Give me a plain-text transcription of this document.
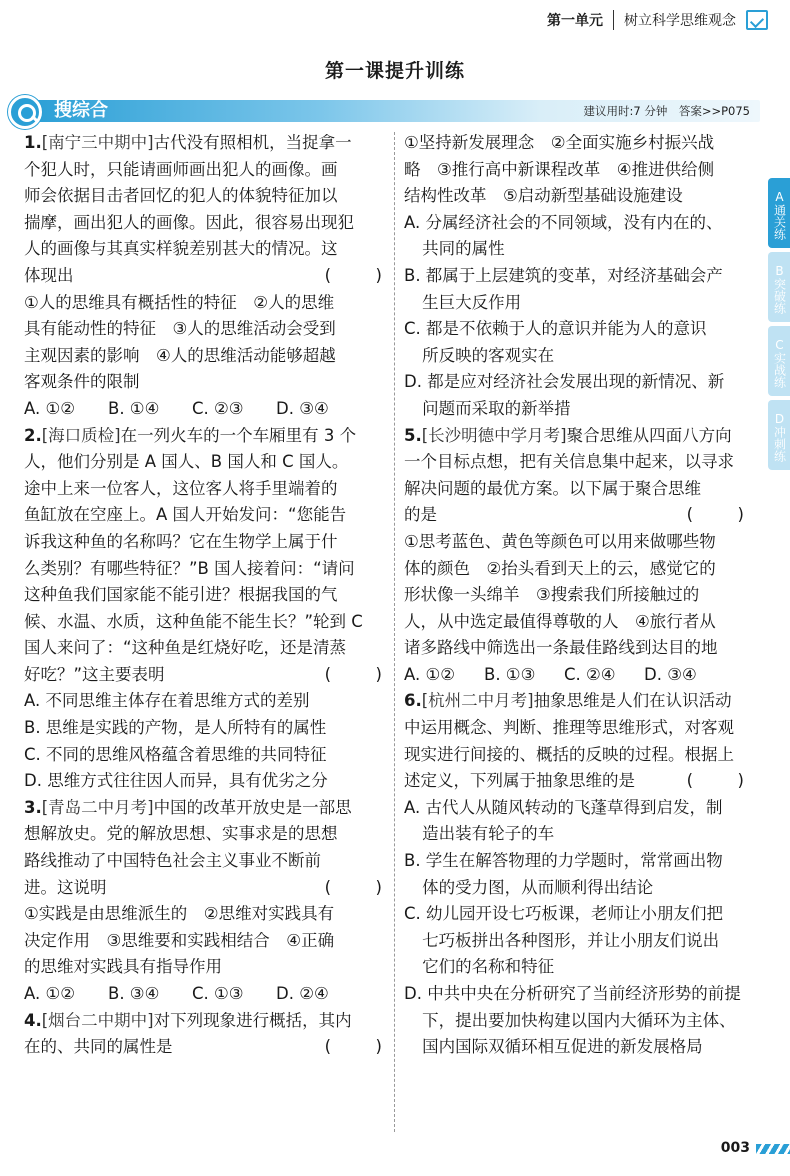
第一单元	树立科学思维观念
第一课提升训练
搜综合	建议用时:7 分钟　答案>>P075
1.[南宁三中期中]古代没有照相机，当捉拿一
个犯人时，只能请画师画出犯人的画像。画
师会依据目击者回忆的犯人的体貌特征加以
揣摩，画出犯人的画像。因此，很容易出现犯
人的画像与其真实样貌差别甚大的情况。这
体现出	(　)
①人的思维具有概括性的特征　②人的思维
具有能动性的特征　③人的思维活动会受到
主观因素的影响　④人的思维活动能够超越
客观条件的限制
A. ①②	B. ①④	C. ②③	D. ③④
2.[海口质检]在一列火车的一个车厢里有 3 个
人，他们分别是 A 国人、B 国人和 C 国人。
途中上来一位客人，这位客人将手里端着的
鱼缸放在空座上。A 国人开始发问：“您能告
诉我这种鱼的名称吗？它在生物学上属于什
么类别？有哪些特征？”B 国人接着问：“请问
这种鱼我们国家能不能引进？根据我国的气
候、水温、水质，这种鱼能不能生长？”轮到 C
国人来问了：“这种鱼是红烧好吃，还是清蒸
好吃？”这主要表明	(　)
A. 不同思维主体存在着思维方式的差别
B. 思维是实践的产物，是人所特有的属性
C. 不同的思维风格蕴含着思维的共同特征
D. 思维方式往往因人而异，具有优劣之分
3.[青岛二中月考]中国的改革开放史是一部思
想解放史。党的解放思想、实事求是的思想
路线推动了中国特色社会主义事业不断前
进。这说明	(　)
①实践是由思维派生的　②思维对实践具有
决定作用　③思维要和实践相结合　④正确
的思维对实践具有指导作用
A. ①②	B. ③④	C. ①③	D. ②④
4.[烟台二中期中]对下列现象进行概括，其内
在的、共同的属性是	(　)
①坚持新发展理念　②全面实施乡村振兴战
略　③推行高中新课程改革　④推进供给侧
结构性改革　⑤启动新型基础设施建设
A. 分属经济社会的不同领域，没有内在的、
共同的属性
B. 都属于上层建筑的变革，对经济基础会产
生巨大反作用
C. 都是不依赖于人的意识并能为人的意识
所反映的客观实在
D. 都是应对经济社会发展出现的新情况、新
问题而采取的新举措
5.[长沙明德中学月考]聚合思维从四面八方向
一个目标点想，把有关信息集中起来，以寻求
解决问题的最优方案。以下属于聚合思维
的是	(　)
①思考蓝色、黄色等颜色可以用来做哪些物
体的颜色　②抬头看到天上的云，感觉它的
形状像一头绵羊　③搜索我们所接触过的
人，从中选定最值得尊敬的人　④旅行者从
诸多路线中筛选出一条最佳路线到达目的地
A. ①②	B. ①③	C. ②④	D. ③④
6.[杭州二中月考]抽象思维是人们在认识活动
中运用概念、判断、推理等思维形式，对客观
现实进行间接的、概括的反映的过程。根据上
述定义，下列属于抽象思维的是	(　)
A. 古代人从随风转动的飞蓬草得到启发，制
造出装有轮子的车
B. 学生在解答物理的力学题时，常常画出物
体的受力图，从而顺利得出结论
C. 幼儿园开设七巧板课，老师让小朋友们把
七巧板拼出各种图形，并让小朋友们说出
它们的名称和特征
D. 中共中央在分析研究了当前经济形势的前提
下，提出要加快构建以国内大循环为主体、
国内国际双循环相互促进的新发展格局
A通关练
B突破练
C实战练
D冲刺练
003
